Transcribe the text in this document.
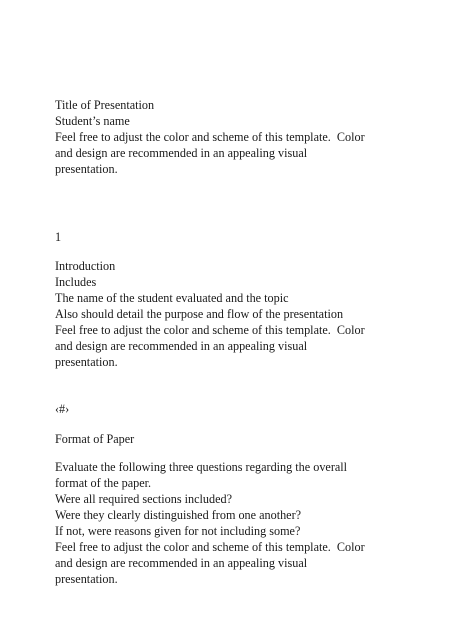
Title of Presentation

Student’s name

Feel free to adjust the color and scheme of this template.  Color

and design are recommended in an appealing visual

presentation.

1

Introduction

Includes

The name of the student evaluated and the topic

Also should detail the purpose and flow of the presentation

Feel free to adjust the color and scheme of this template.  Color

and design are recommended in an appealing visual

presentation.

‹#›

Format of Paper

Evaluate the following three questions regarding the overall

format of the paper.

Were all required sections included?

Were they clearly distinguished from one another?

If not, were reasons given for not including some?

Feel free to adjust the color and scheme of this template.  Color

and design are recommended in an appealing visual

presentation.
